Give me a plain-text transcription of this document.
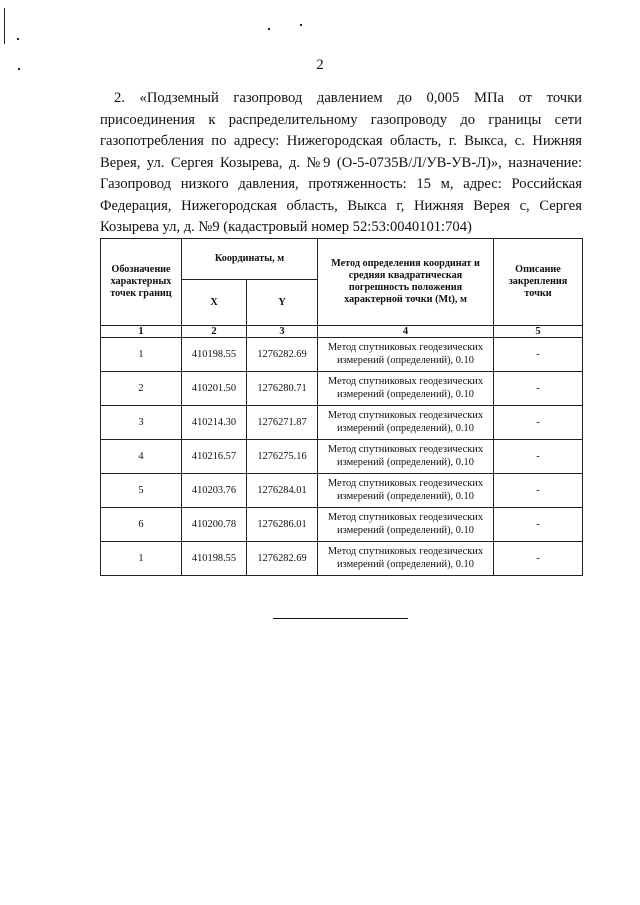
2
2. «Подземный газопровод давлением до 0,005 МПа от точки присоединения к распределительному газопроводу до границы сети газопотребления по адресу: Нижегородская область, г. Выкса, с. Нижняя Верея, ул. Сергея Козырева, д. №9 (О-5-0735В/Л/УВ-УВ-Л)», назначение: Газопровод низкого давления, протяженность: 15 м, адрес: Российская Федерация, Нижегородская область, Выкса г, Нижняя Верея с, Сергея Козырева ул, д. №9 (кадастровый номер 52:53:0040101:704)
Обозначение характерных точек границ	Координаты, м		Метод определения координат и средняя квадратическая погрешность положения характерной точки (Mt), м	Описание закрепления точки
	X	Y		
1	2	3	4	5
1	410198.55	1276282.69	Метод спутниковых геодезических измерений (определений), 0.10	-
2	410201.50	1276280.71	Метод спутниковых геодезических измерений (определений), 0.10	-
3	410214.30	1276271.87	Метод спутниковых геодезических измерений (определений), 0.10	-
4	410216.57	1276275.16	Метод спутниковых геодезических измерений (определений), 0.10	-
5	410203.76	1276284.01	Метод спутниковых геодезических измерений (определений), 0.10	-
6	410200.78	1276286.01	Метод спутниковых геодезических измерений (определений), 0.10	-
1	410198.55	1276282.69	Метод спутниковых геодезических измерений (определений), 0.10	-
